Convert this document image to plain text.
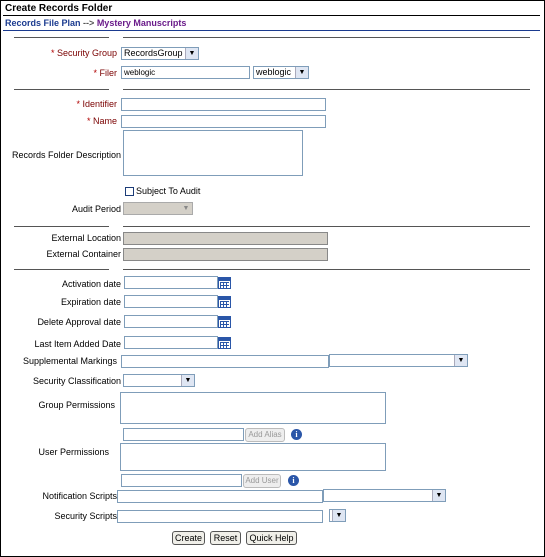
Create Records Folder
Records File Plan --> Mystery Manuscripts
* Security Group RecordsGroup ▼
* Filer weblogic	weblogic	▼
* Identifier
* Name
Records Folder Description
Subject To Audit
Audit Period	▼
External Location
External Container
Activation date
Expiration date
Delete Approval date
Last Item Added Date
Supplemental Markings	▼
Security Classification	▼
Group Permissions
Add Alias	i
User Permissions
Add User	i
Notification Scripts	▼
Security Scripts	▼
Create	Reset	Quick Help
